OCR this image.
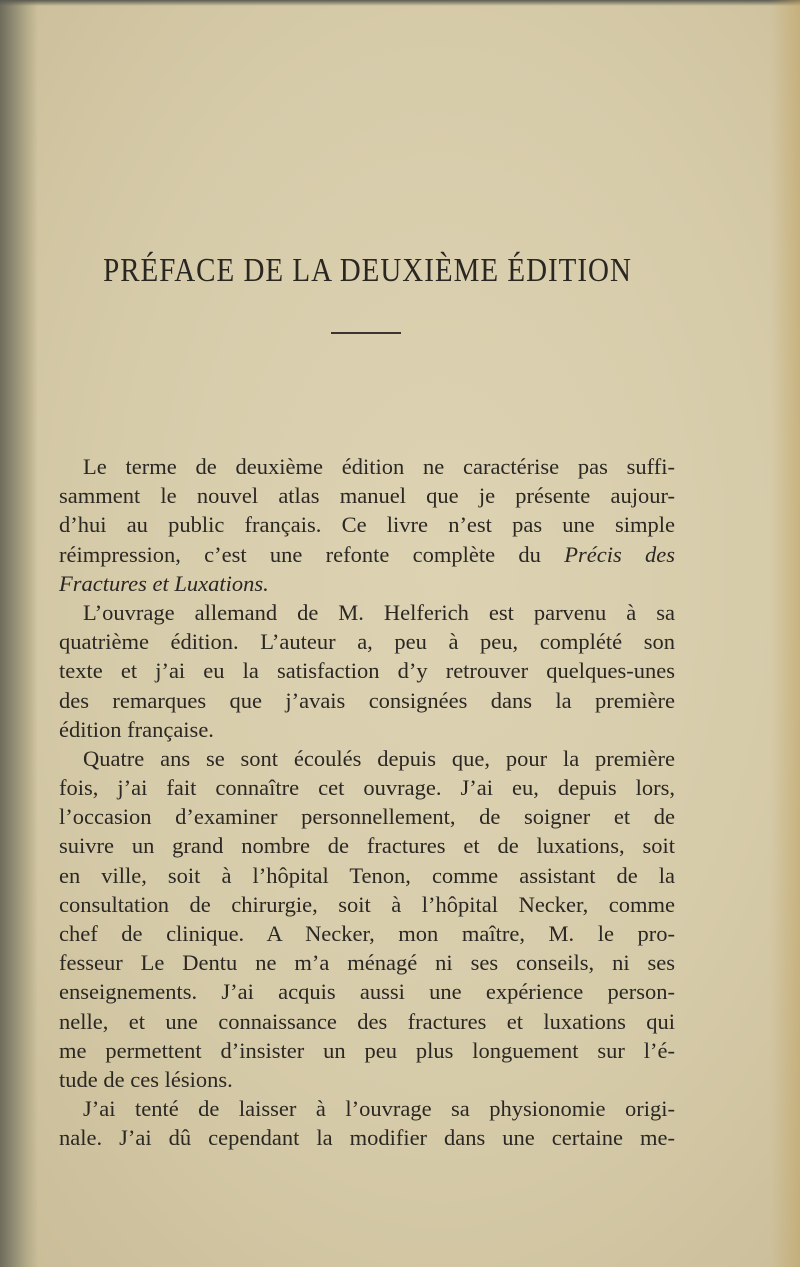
PRÉFACE DE LA DEUXIÈME ÉDITION
Le terme de deuxième édition ne caractérise pas suffi-
samment le nouvel atlas manuel que je présente aujour-
d’hui au public français. Ce livre n’est pas une simple
réimpression, c’est une refonte complète du Précis des
Fractures et Luxations.
L’ouvrage allemand de M. Helferich est parvenu à sa
quatrième édition. L’auteur a, peu à peu, complété son
texte et j’ai eu la satisfaction d’y retrouver quelques-unes
des remarques que j’avais consignées dans la première
édition française.
Quatre ans se sont écoulés depuis que, pour la première
fois, j’ai fait connaître cet ouvrage. J’ai eu, depuis lors,
l’occasion d’examiner personnellement, de soigner et de
suivre un grand nombre de fractures et de luxations, soit
en ville, soit à l’hôpital Tenon, comme assistant de la
consultation de chirurgie, soit à l’hôpital Necker, comme
chef de clinique. A Necker, mon maître, M. le pro-
fesseur Le Dentu ne m’a ménagé ni ses conseils, ni ses
enseignements. J’ai acquis aussi une expérience person-
nelle, et une connaissance des fractures et luxations qui
me permettent d’insister un peu plus longuement sur l’é-
tude de ces lésions.
J’ai tenté de laisser à l’ouvrage sa physionomie origi-
nale. J’ai dû cependant la modifier dans une certaine me-
